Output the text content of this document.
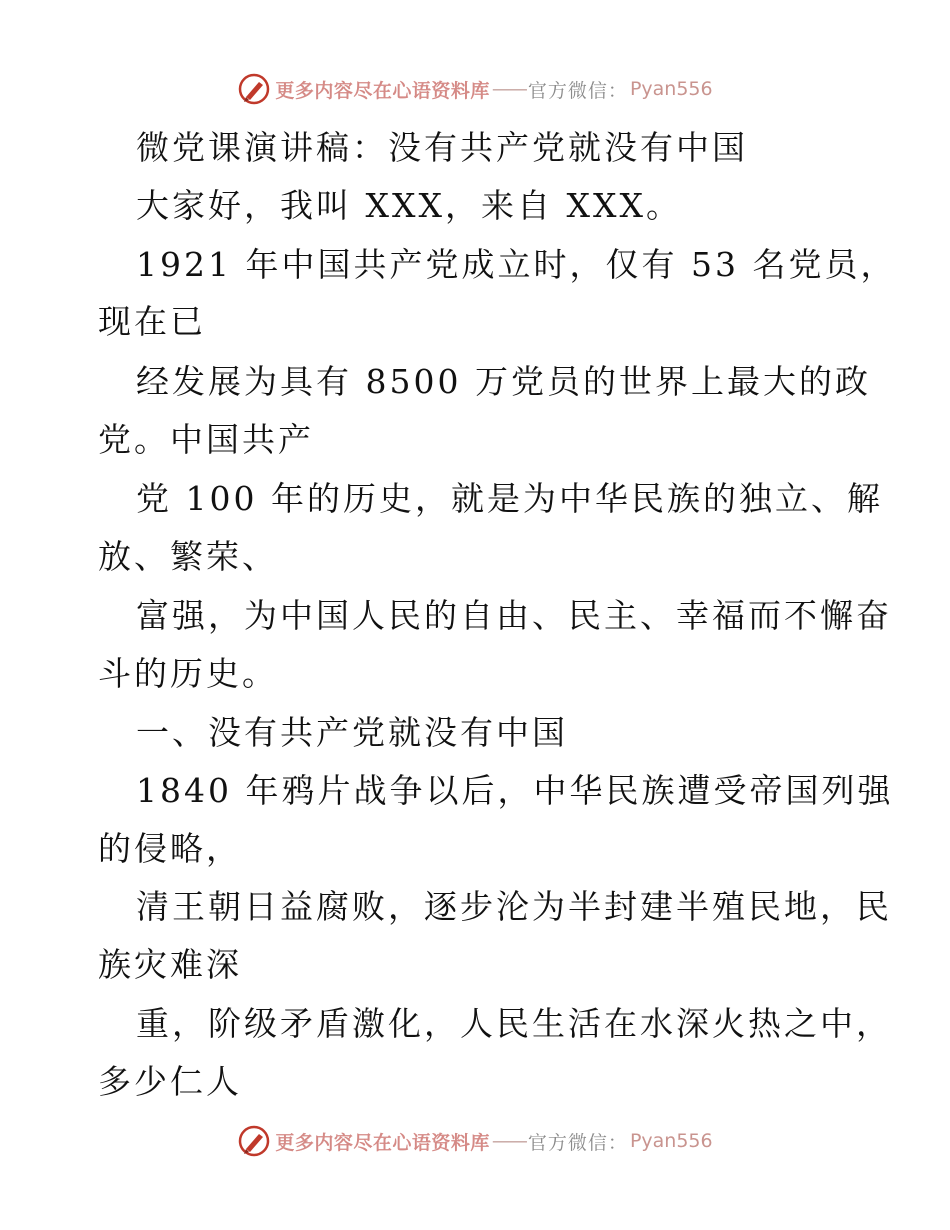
更多内容尽在心语资料库 —— 官方微信： Pyan556

微党课演讲稿：没有共产党就没有中国

大家好，我叫 XXX，来自 XXX。

1921 年中国共产党成立时，仅有 53 名党员，

现在已

经发展为具有 8500 万党员的世界上最大的政

党。中国共产

党 100 年的历史，就是为中华民族的独立、解

放、繁荣、

富强，为中国人民的自由、民主、幸福而不懈奋

斗的历史。

一、没有共产党就没有中国

1840 年鸦片战争以后，中华民族遭受帝国列强

的侵略，

清王朝日益腐败，逐步沦为半封建半殖民地，民

族灾难深

重，阶级矛盾激化，人民生活在水深火热之中，

多少仁人

更多内容尽在心语资料库 —— 官方微信： Pyan556
